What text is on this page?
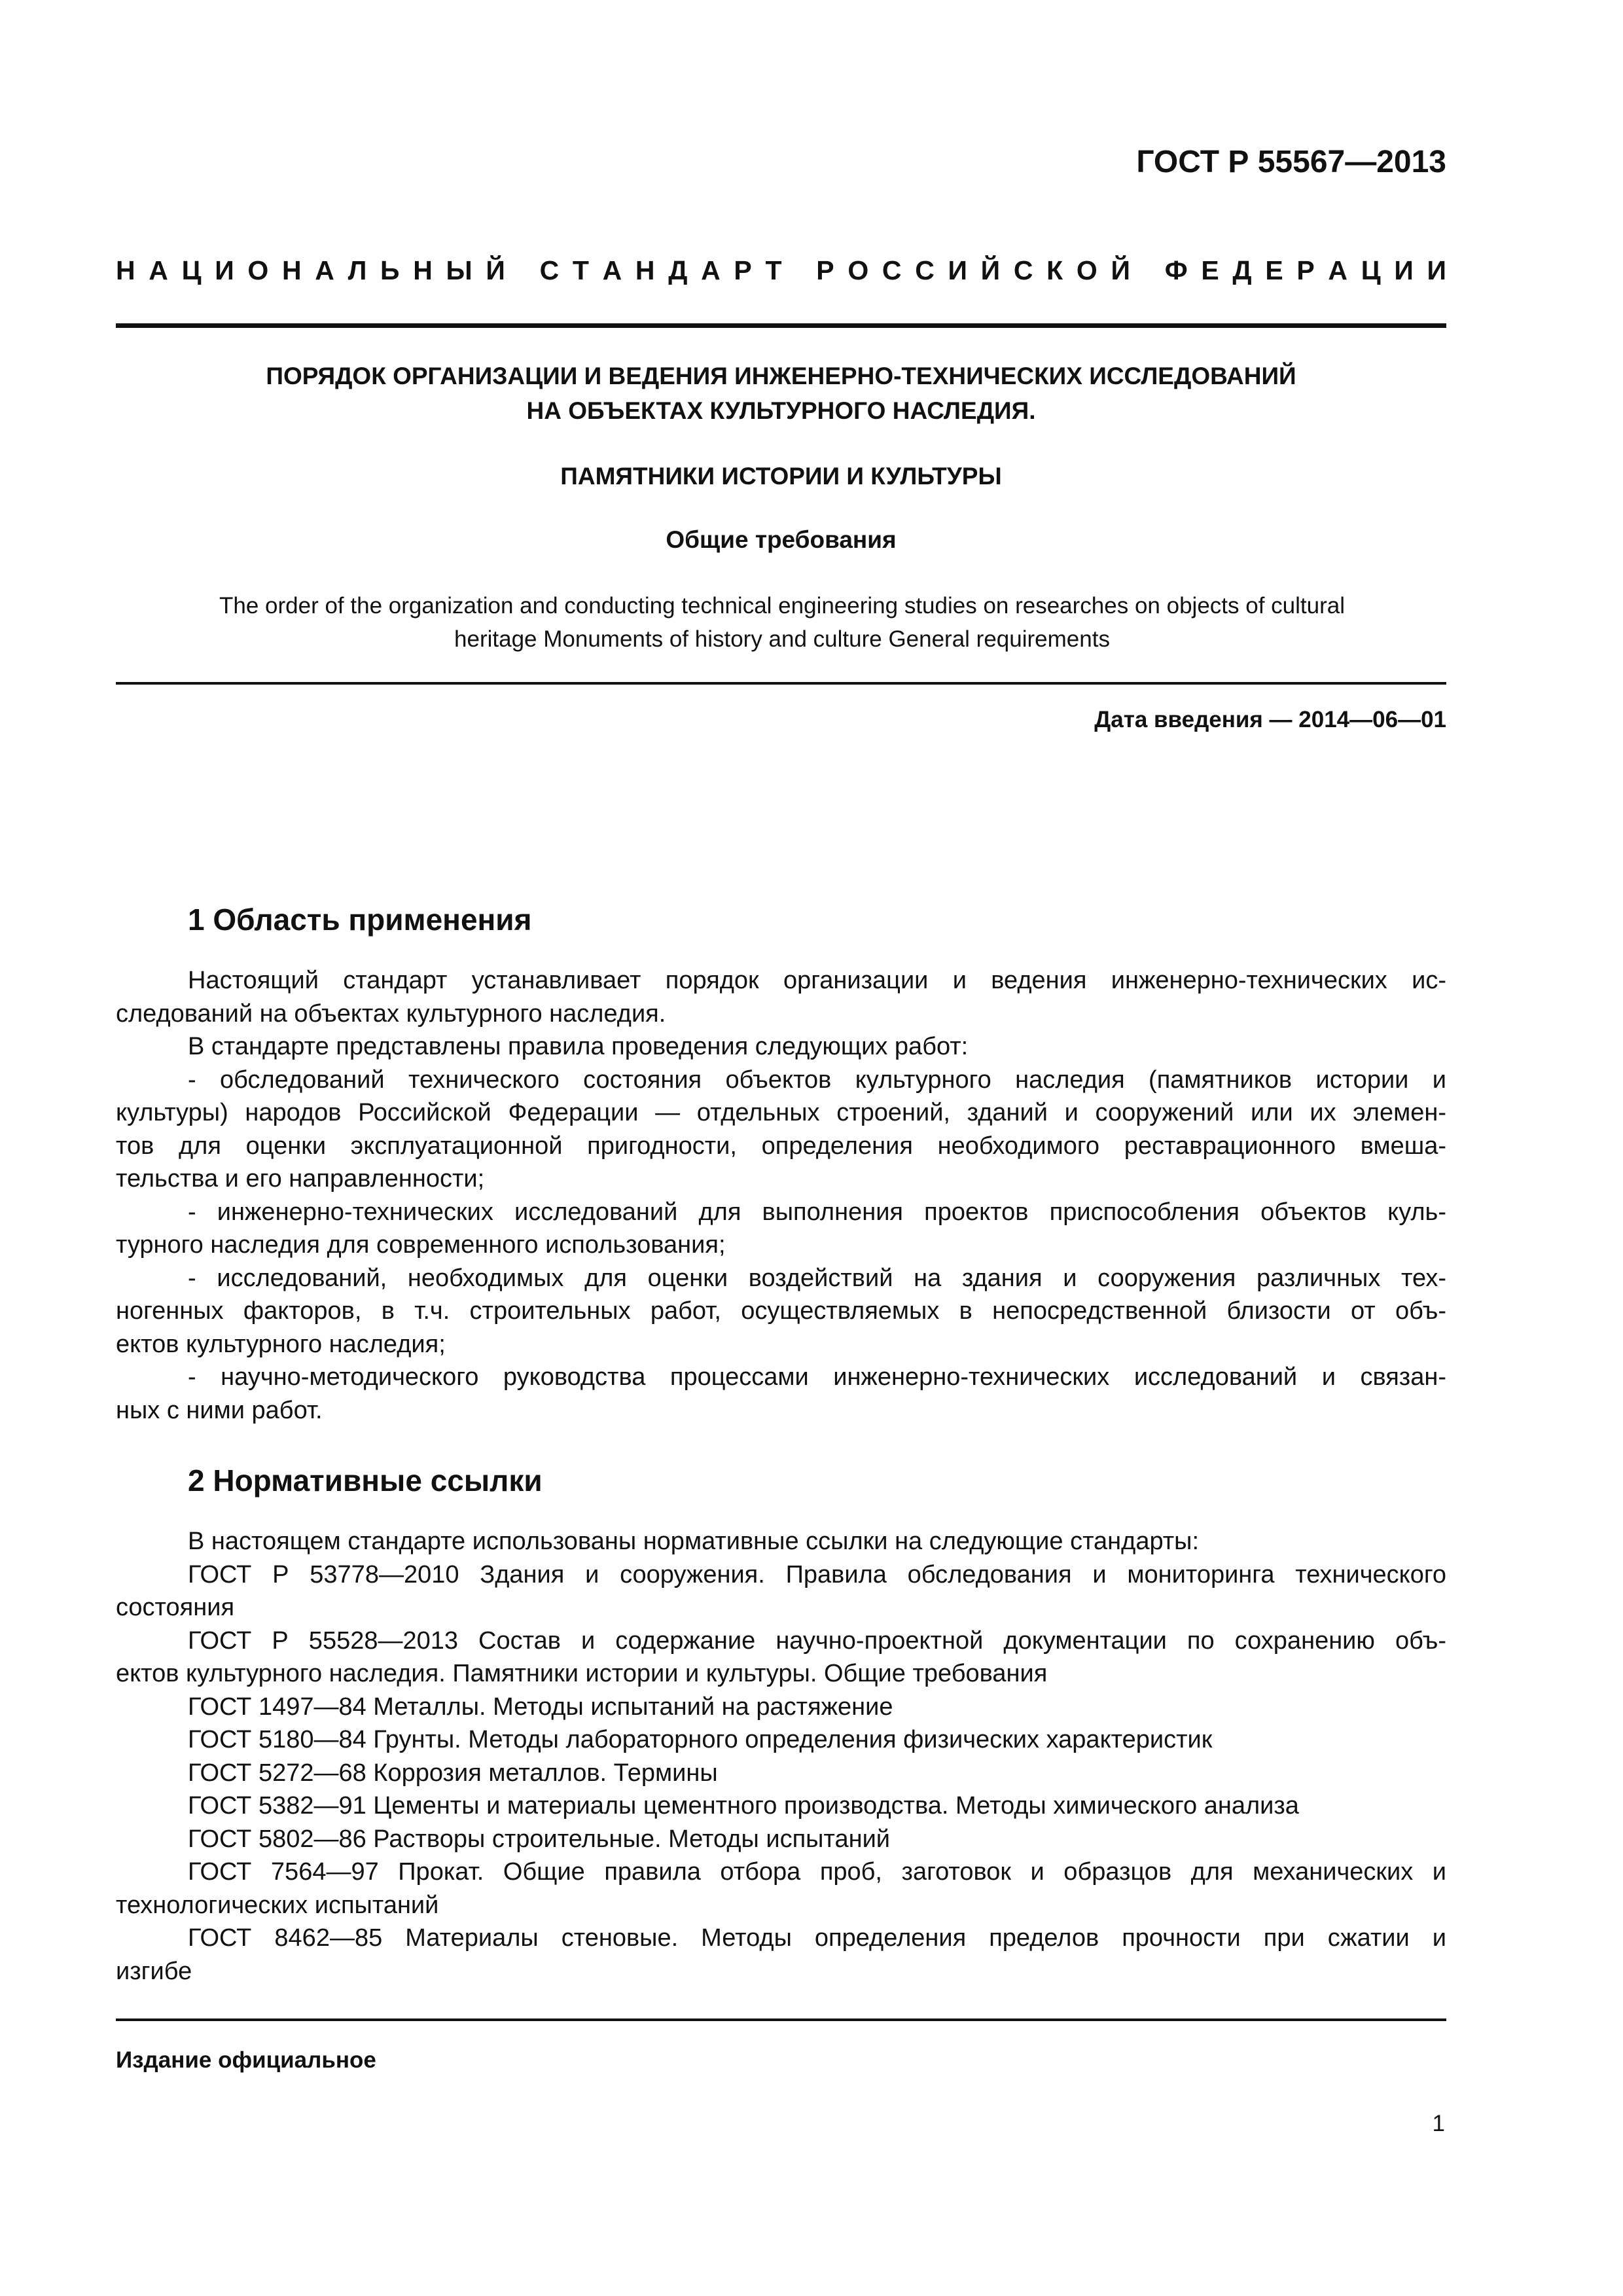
ГОСТ Р 55567—2013
Н А Ц И О Н А Л Ь Н Ы Й
С Т А Н Д А Р Т
Р О С С И Й С К О Й
Ф Е Д Е Р А Ц И И

ПОРЯДОК ОРГАНИЗАЦИИ И ВЕДЕНИЯ ИНЖЕНЕРНО-ТЕХНИЧЕСКИХ ИССЛЕДОВАНИЙ

НА ОБЪЕКТАХ КУЛЬТУРНОГО НАСЛЕДИЯ.

ПАМЯТНИКИ ИСТОРИИ И КУЛЬТУРЫ
Общие требования

The order of the organization and conducting technical engineering studies on researches on objects of cultural

heritage Monuments of history and culture General requirements

Дата введения — 2014—06—01
1 Область применения
Настоящий стандарт устанавливает порядок организации и ведения инженерно-технических ис-
следований на объектах культурного наследия.
В стандарте представлены правила проведения следующих работ:
- обследований технического состояния объектов культурного наследия (памятников истории и
культуры) народов Российской Федерации — отдельных строений, зданий и сооружений или их элемен-
тов для оценки эксплуатационной пригодности, определения необходимого реставрационного вмеша-
тельства и его направленности;
- инженерно-технических исследований для выполнения проектов приспособления объектов куль-
турного наследия для современного использования;
- исследований, необходимых для оценки воздействий на здания и сооружения различных тех-
ногенных факторов, в т.ч. строительных работ, осуществляемых в непосредственной близости от объ-
ектов культурного наследия;
- научно-методического руководства процессами инженерно-технических исследований и связан-
ных с ними работ.
2 Нормативные ссылки
В настоящем стандарте использованы нормативные ссылки на следующие стандарты:
ГОСТ Р 53778—2010 Здания и сооружения. Правила обследования и мониторинга технического
состояния
ГОСТ Р 55528—2013 Состав и содержание научно-проектной документации по сохранению объ-
ектов культурного наследия. Памятники истории и культуры. Общие требования
ГОСТ 1497—84 Металлы. Методы испытаний на растяжение
ГОСТ 5180—84 Грунты. Методы лабораторного определения физических характеристик
ГОСТ 5272—68 Коррозия металлов. Термины
ГОСТ 5382—91 Цементы и материалы цементного производства. Методы химического анализа
ГОСТ 5802—86 Растворы строительные. Методы испытаний
ГОСТ 7564—97 Прокат. Общие правила отбора проб, заготовок и образцов для механических и
технологических испытаний
ГОСТ 8462—85 Материалы стеновые. Методы определения пределов прочности при сжатии и
изгибе
Издание официальное
1
